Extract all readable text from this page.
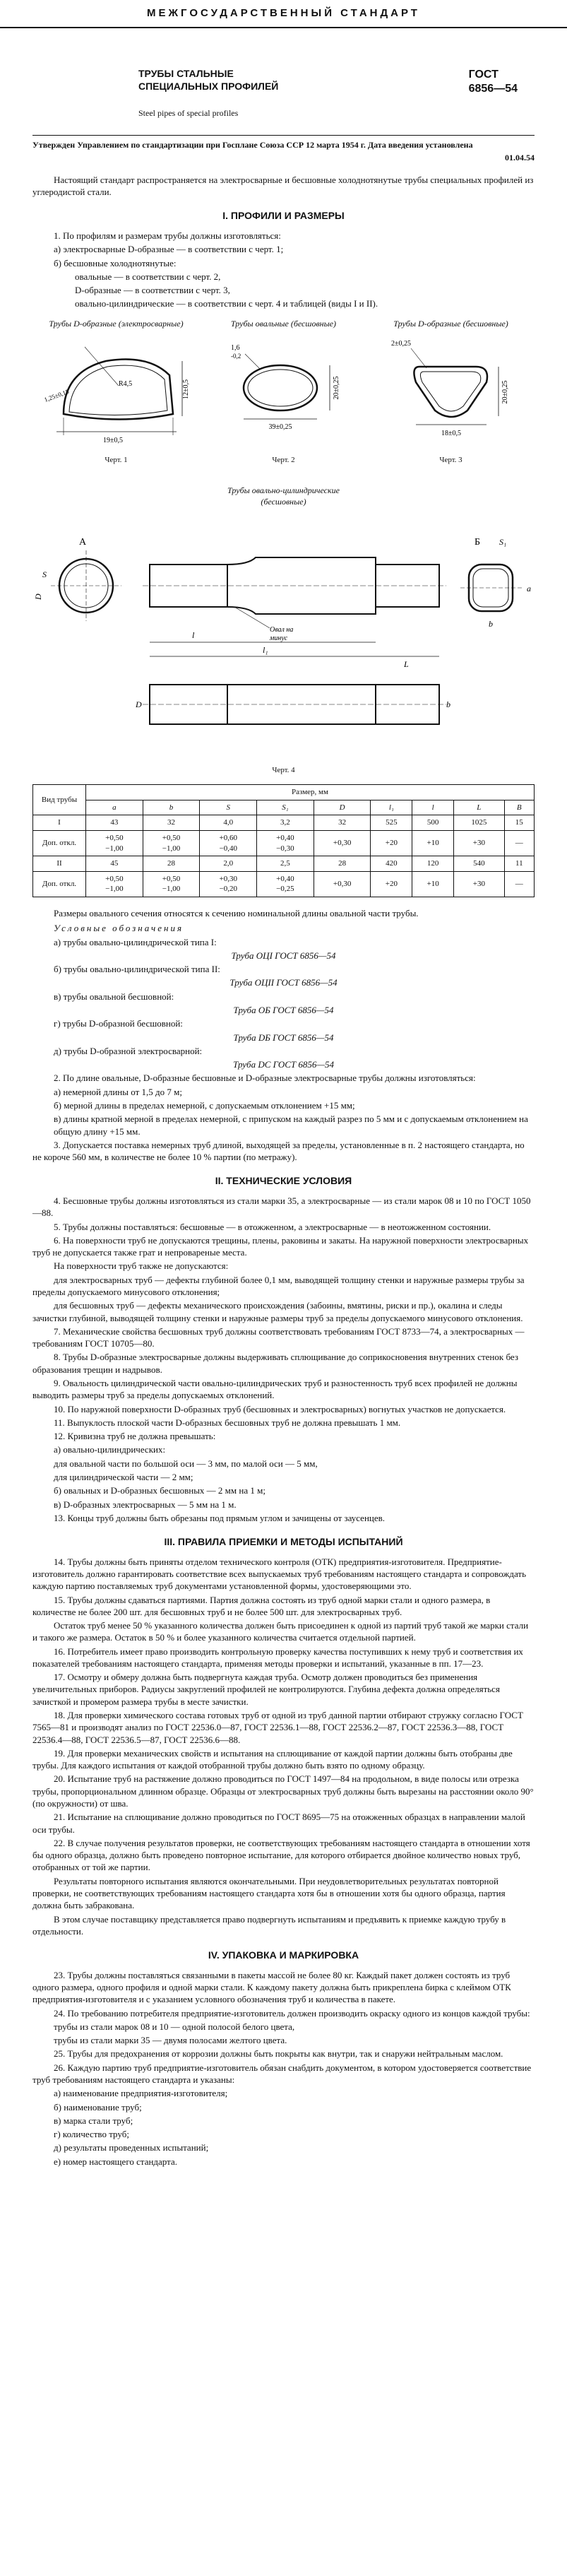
МЕЖГОСУДАРСТВЕННЫЙ СТАНДАРТ
ТРУБЫ СТАЛЬНЫЕ
СПЕЦИАЛЬНЫХ ПРОФИЛЕЙ
Steel pipes of special profiles
ГОСТ
6856—54
Утвержден Управлением по стандартизации при Госплане Союза ССР 12 марта 1954 г. Дата введения установлена
01.04.54

Настоящий стандарт распространяется на электросварные и бесшовные холоднотянутые трубы специальных профилей из углеродистой стали.

I. ПРОФИЛИ И РАЗМЕРЫ

1. По профилям и размерам трубы должны изготовляться:

а) электросварные D-образные — в соответствии с черт. 1;

б) бесшовные холоднотянутые:

овальные — в соответствии с черт. 2,

D-образные — в соответствии с черт. 3,

овально-цилиндрические — в соответствии с черт. 4 и таблицей (виды I и II).

Трубы D-образные (электросварные)
19±0,5
12±0,5
R4,5
1,25±0,15
Черт. 1
Трубы овальные (бесшовные)
39±0,25
20±0,25
1,6
-0,2
Черт. 2
Трубы D-образные (бесшовные)
18±0,5
20±0,25
2±0,25
Черт. 3
Трубы овально-цилиндрические (бесшовные)
А
S
D
Овал на
минус
l
l₁
L
Б S₁
b
a
D	b
Черт. 4
Вид трубы	Размер, мм								
	a	b	S	S₁	D	l₁	l	L	B
I	43	32	4,0	3,2	32	525	500	1025	15
Доп. откл.	+0,50
−1,00	+0,50
−1,00	+0,60
−0,40	+0,40
−0,30	+0,30	+20	+10	+30	—
II	45	28	2,0	2,5	28	420	120	540	11
Доп. откл.	+0,50
−1,00	+0,50
−1,00	+0,30
−0,20	+0,40
−0,25	+0,30	+20	+10	+30	—

Размеры овального сечения относятся к сечению номинальной длины овальной части трубы.

Условные обозначения

а) трубы овально-цилиндрической типа I:

Труба ОЦI ГОСТ 6856—54

б) трубы овально-цилиндрической типа II:

Труба ОЦII ГОСТ 6856—54

в) трубы овальной бесшовной:

Труба ОБ ГОСТ 6856—54

г) трубы D-образной бесшовной:

Труба DБ ГОСТ 6856—54

д) трубы D-образной электросварной:

Труба DС ГОСТ 6856—54

2. По длине овальные, D-образные бесшовные и D-образные электросварные трубы должны изготовляться:

а) немерной длины от 1,5 до 7 м;

б) мерной длины в пределах немерной, с допускаемым отклонением +15 мм;

в) длины кратной мерной в пределах немерной, с припуском на каждый разрез по 5 мм и с допускаемым отклонением на общую длину +15 мм.

3. Допускается поставка немерных труб длиной, выходящей за пределы, установленные в п. 2 настоящего стандарта, но не короче 560 мм, в количестве не более 10 % партии (по метражу).

II. ТЕХНИЧЕСКИЕ УСЛОВИЯ

4. Бесшовные трубы должны изготовляться из стали марки 35, а электросварные — из стали марок 08 и 10 по ГОСТ 1050—88.

5. Трубы должны поставляться: бесшовные — в отожженном, а электросварные — в неотожженном состоянии.

6. На поверхности труб не допускаются трещины, плены, раковины и закаты. На наружной поверхности электросварных труб не допускается также грат и непровареные места.

На поверхности труб также не допускаются:

для электросварных труб — дефекты глубиной более 0,1 мм, выводящей толщину стенки и наружные размеры трубы за пределы допускаемого минусового отклонения;

для бесшовных труб — дефекты механического происхождения (забоины, вмятины, риски и пр.), окалина и следы зачистки глубиной, выводящей толщину стенки и наружные размеры труб за пределы допускаемого минусового отклонения.

7. Механические свойства бесшовных труб должны соответствовать требованиям ГОСТ 8733—74, а электросварных — требованиям ГОСТ 10705—80.

8. Трубы D-образные электросварные должны выдерживать сплющивание до соприкосновения внутренних стенок без образования трещин и надрывов.

9. Овальность цилиндрической части овально-цилиндрических труб и разностенность труб всех профилей не должны выводить размеры труб за пределы допускаемых отклонений.

10. По наружной поверхности D-образных труб (бесшовных и электросварных) вогнутых участков не допускается.

11. Выпуклость плоской части D-образных бесшовных труб не должна превышать 1 мм.

12. Кривизна труб не должна превышать:

а) овально-цилиндрических:

для овальной части по большой оси — 3 мм, по малой оси — 5 мм,

для цилиндрической части — 2 мм;

б) овальных и D-образных бесшовных — 2 мм на 1 м;

в) D-образных электросварных — 5 мм на 1 м.

13. Концы труб должны быть обрезаны под прямым углом и зачищены от заусенцев.

III. ПРАВИЛА ПРИЕМКИ И МЕТОДЫ ИСПЫТАНИЙ

14. Трубы должны быть приняты отделом технического контроля (ОТК) предприятия-изготовителя. Предприятие-изготовитель должно гарантировать соответствие всех выпускаемых труб требованиям настоящего стандарта и сопровождать каждую партию поставляемых труб документами установленной формы, удостоверяющими это.

15. Трубы должны сдаваться партиями. Партия должна состоять из труб одной марки стали и одного размера, в количестве не более 200 шт. для бесшовных труб и не более 500 шт. для электросварных труб.

Остаток труб менее 50 % указанного количества должен быть присоединен к одной из партий труб такой же марки стали и такого же размера. Остаток в 50 % и более указанного количества считается отдельной партией.

16. Потребитель имеет право производить контрольную проверку качества поступивших к нему труб и соответствия их показателей требованиям настоящего стандарта, применяя методы проверки и испытаний, указанные в пп. 17—23.

17. Осмотру и обмеру должна быть подвергнута каждая труба. Осмотр должен проводиться без применения увеличительных приборов. Радиусы закруглений профилей не контролируются. Глубина дефекта должна определяться зачисткой и промером размера трубы в месте зачистки.

18. Для проверки химического состава готовых труб от одной из труб данной партии отбирают стружку согласно ГОСТ 7565—81 и производят анализ по ГОСТ 22536.0—87, ГОСТ 22536.1—88, ГОСТ 22536.2—87, ГОСТ 22536.3—88, ГОСТ 22536.4—88, ГОСТ 22536.5—87, ГОСТ 22536.6—88.

19. Для проверки механических свойств и испытания на сплющивание от каждой партии должны быть отобраны две трубы. Для каждого испытания от каждой отобранной трубы должно быть взято по одному образцу.

20. Испытание труб на растяжение должно проводиться по ГОСТ 1497—84 на продольном, в виде полосы или отрезка трубы, пропорциональном длинном образце. Образцы от электросварных труб должны быть вырезаны на расстоянии около 90° (по окружности) от шва.

21. Испытание на сплющивание должно проводиться по ГОСТ 8695—75 на отожженных образцах в направлении малой оси трубы.

22. В случае получения результатов проверки, не соответствующих требованиям настоящего стандарта в отношении хотя бы одного образца, должно быть проведено повторное испытание, для которого отбирается двойное количество новых труб, отобранных от той же партии.

Результаты повторного испытания являются окончательными. При неудовлетворительных результатах повторной проверки, не соответствующих требованиям настоящего стандарта хотя бы в отношении хотя бы одного образца, партия должна быть забракована.

В этом случае поставщику представляется право подвергнуть испытаниям и предъявить к приемке каждую трубу в отдельности.

IV. УПАКОВКА И МАРКИРОВКА

23. Трубы должны поставляться связанными в пакеты массой не более 80 кг. Каждый пакет должен состоять из труб одного размера, одного профиля и одной марки стали. К каждому пакету должна быть прикреплена бирка с клеймом ОТК предприятия-изготовителя и с указанием условного обозначения труб и количества в пакете.

24. По требованию потребителя предприятие-изготовитель должен производить окраску одного из концов каждой трубы:

трубы из стали марок 08 и 10 — одной полосой белого цвета,

трубы из стали марки 35 — двумя полосами желтого цвета.

25. Трубы для предохранения от коррозии должны быть покрыты как внутри, так и снаружи нейтральным маслом.

26. Каждую партию труб предприятие-изготовитель обязан снабдить документом, в котором удостоверяется соответствие труб требованиям настоящего стандарта и указаны:

а) наименование предприятия-изготовителя;

б) наименование труб;

в) марка стали труб;

г) количество труб;

д) результаты проведенных испытаний;

е) номер настоящего стандарта.
